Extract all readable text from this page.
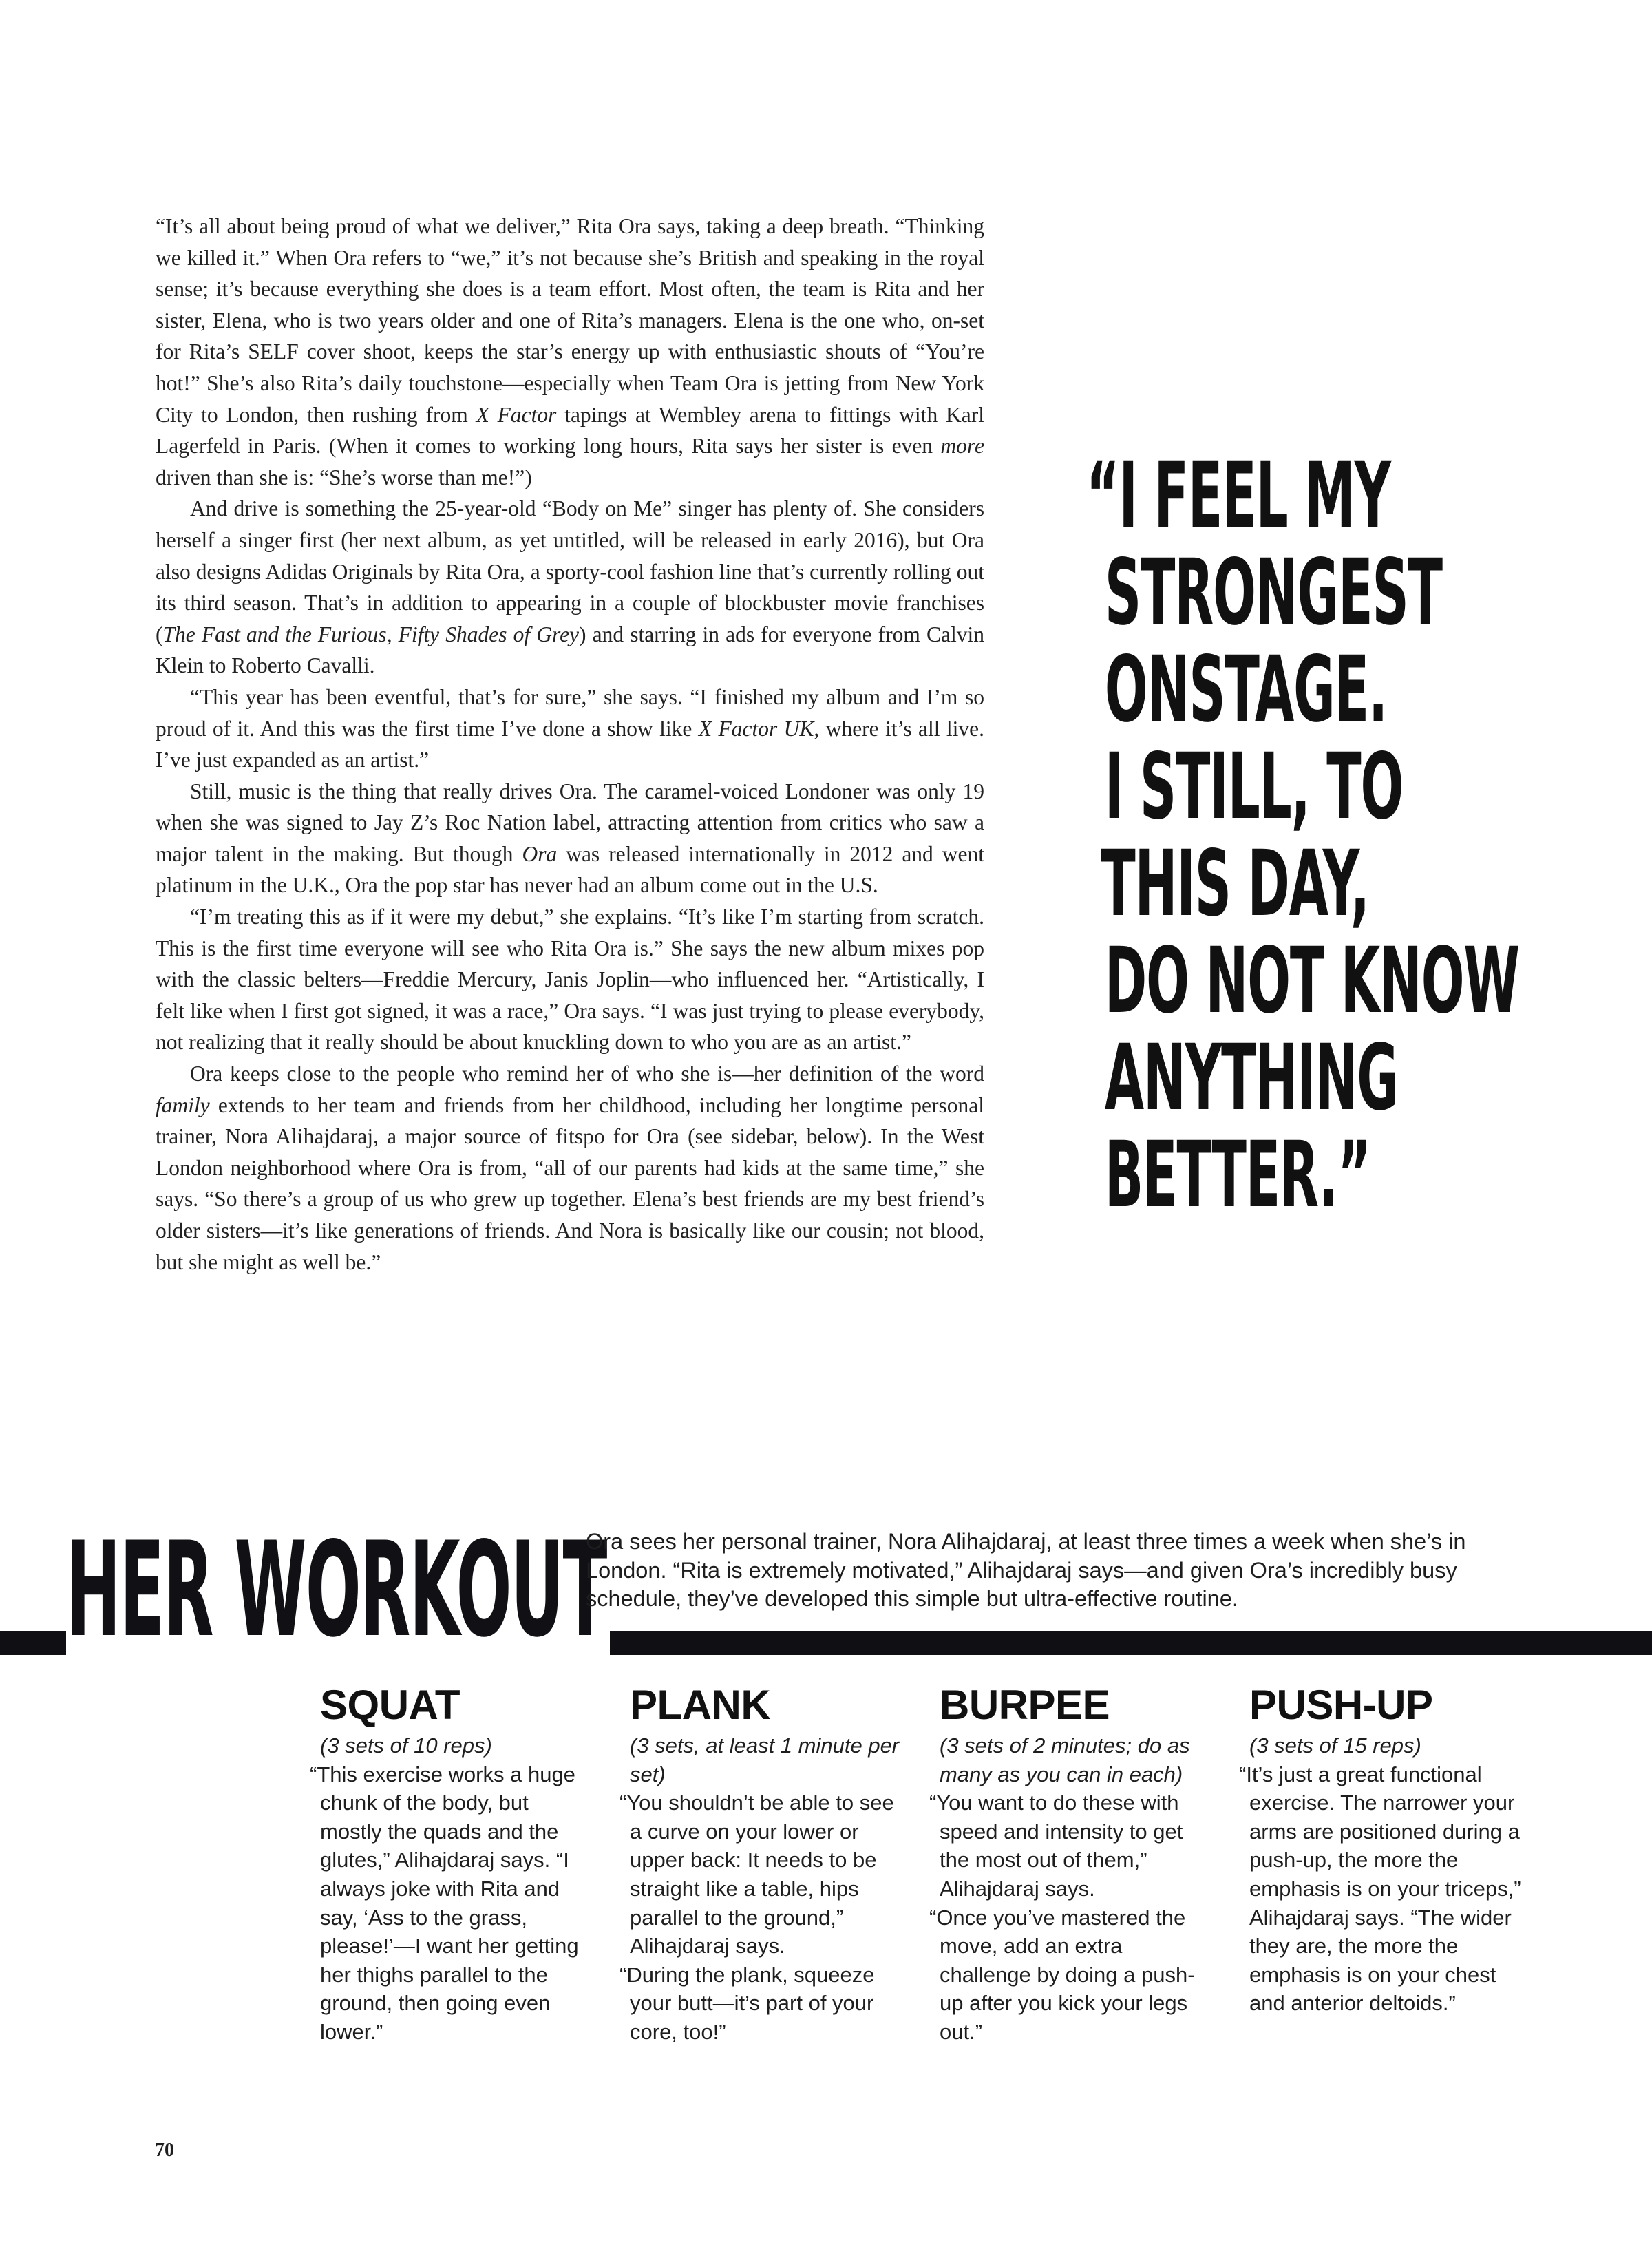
“It’s all about being proud of what we deliver,” Rita Ora says, taking a deep breath. “Thinking we killed it.” When Ora refers to “we,” it’s not because she’s British and speaking in the royal sense; it’s because everything she does is a team effort. Most often, the team is Rita and her sister, Elena, who is two years older and one of Rita’s managers. Elena is the one who, on-set for Rita’s SELF cover shoot, keeps the star’s energy up with enthusiastic shouts of “You’re hot!” She’s also Rita’s daily touchstone—especially when Team Ora is jetting from New York City to London, then rushing from X Factor tapings at Wembley arena to fittings with Karl Lagerfeld in Paris. (When it comes to working long hours, Rita says her sister is even more driven than she is: “She’s worse than me!”)

And drive is something the 25-year-old “Body on Me” singer has plenty of. She considers herself a singer first (her next album, as yet untitled, will be released in early 2016), but Ora also designs Adidas Originals by Rita Ora, a sporty-cool fashion line that’s currently rolling out its third season. That’s in addition to appearing in a couple of blockbuster movie franchises (The Fast and the Furious, Fifty Shades of Grey) and starring in ads for everyone from Calvin Klein to Roberto Cavalli.

“This year has been eventful, that’s for sure,” she says. “I finished my album and I’m so proud of it. And this was the first time I’ve done a show like X Factor UK, where it’s all live. I’ve just expanded as an artist.”

Still, music is the thing that really drives Ora. The caramel-voiced Londoner was only 19 when she was signed to Jay Z’s Roc Nation label, attracting attention from critics who saw a major talent in the making. But though Ora was released internationally in 2012 and went platinum in the U.K., Ora the pop star has never had an album come out in the U.S.

“I’m treating this as if it were my debut,” she explains. “It’s like I’m starting from scratch. This is the first time everyone will see who Rita Ora is.” She says the new album mixes pop with the classic belters—Freddie Mercury, Janis Joplin—who influenced her. “Artistically, I felt like when I first got signed, it was a race,” Ora says. “I was just trying to please everybody, not realizing that it really should be about knuckling down to who you are as an artist.”

Ora keeps close to the people who remind her of who she is—her definition of the word family extends to her team and friends from her childhood, including her longtime personal trainer, Nora Alihajdaraj, a major source of fitspo for Ora (see sidebar, below). In the West London neighborhood where Ora is from, “all of our parents had kids at the same time,” she says. “So there’s a group of us who grew up together. Elena’s best friends are my best friend’s older sisters—it’s like generations of friends. And Nora is basically like our cousin; not blood, but she might as well be.”

“I FEEL MY
STRONGEST
ONSTAGE.
I STILL, TO
THIS DAY,
DO NOT KNOW
ANYTHING
BETTER.”
HER WORKOUT
Ora sees her personal trainer, Nora Alihajdaraj, at least three times a week when she’s in London. “Rita is extremely motivated,” Alihajdaraj says—and given Ora’s incredibly busy schedule, they’ve developed this simple but ultra-effective routine.
SQUAT
(3 sets of 10 reps)
“This exercise works a huge chunk of the body, but mostly the quads and the glutes,” Alihajdaraj says. “I always joke with Rita and say, ‘Ass to the grass, please!’—I want her getting her thighs parallel to the ground, then going even lower.”
PLANK
(3 sets, at least 1 minute per set)
“You shouldn’t be able to see a curve on your lower or upper back: It needs to be straight like a table, hips parallel to the ground,” Alihajdaraj says.
“During the plank, squeeze your butt—it’s part of your core, too!”
BURPEE
(3 sets of 2 minutes; do as many as you can in each)
“You want to do these with speed and intensity to get the most out of them,” Alihajdaraj says.
“Once you’ve mastered the move, add an extra challenge by doing a push-up after you kick your legs out.”
PUSH-UP
(3 sets of 15 reps)
“It’s just a great functional exercise. The narrower your arms are positioned during a push-up, the more the emphasis is on your triceps,” Alihajdaraj says. “The wider they are, the more the emphasis is on your chest and anterior deltoids.”
70
